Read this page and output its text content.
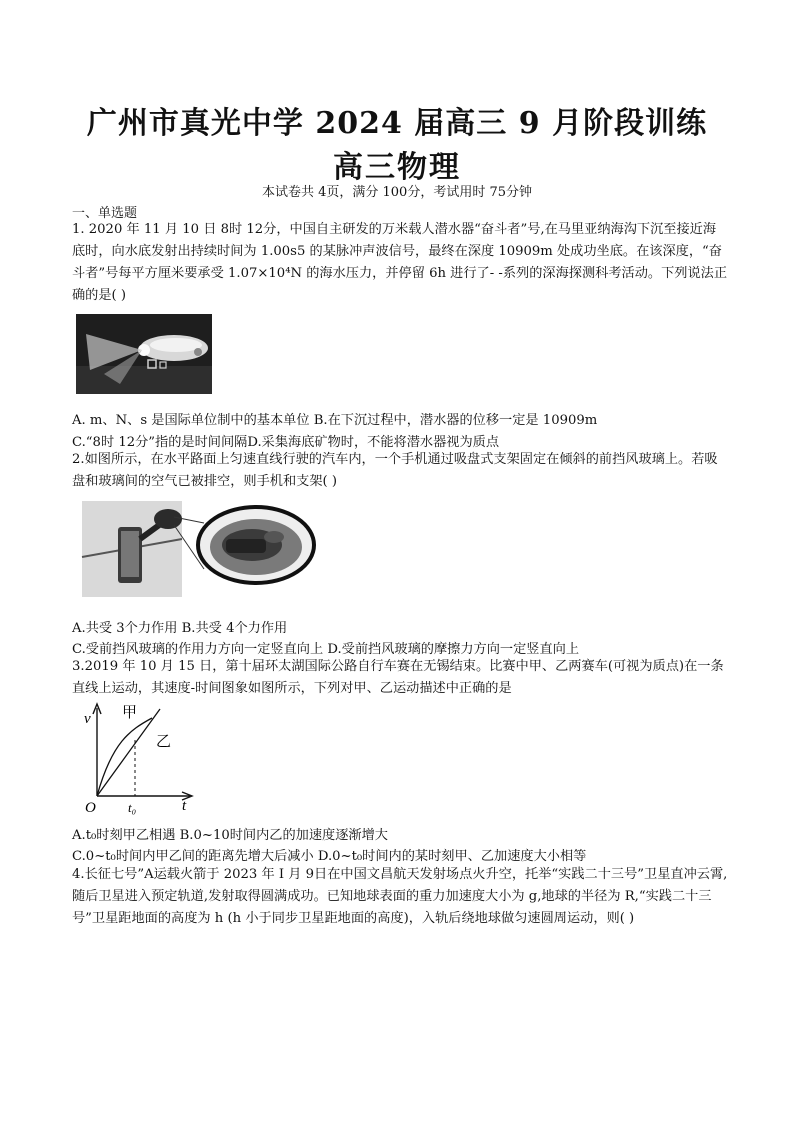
广州市真光中学 2024 届高三 9 月阶段训练
高三物理
本试卷共 4页，满分 100分，考试用时 75分钟
一、单选题
1. 2020 年 11 月 10 日 8时 12分，中国自主研发的万米载人潜水器“奋斗者”号,在马里亚纳海沟下沉至接近海底时，向水底发射出持续时间为 1.00s5 的某脉冲声波信号，最终在深度 10909m 处成功坐底。在该深度，“奋斗者”号每平方厘米要承受 1.07×10⁴N 的海水压力，并停留 6h 进行了- -系列的深海探测科考活动。下列说法正确的是( )
A. m、N、s 是国际单位制中的基本单位 B.在下沉过程中，潜水器的位移一定是 10909m
C.“8时 12分”指的是时间间隔D.采集海底矿物时，不能将潜水器视为质点
2.如图所示，在水平路面上匀速直线行驶的汽车内，一个手机通过吸盘式支架固定在倾斜的前挡风玻璃上。若吸盘和玻璃间的空气已被排空，则手机和支架( )
A.共受 3个力作用 B.共受 4个力作用
C.受前挡风玻璃的作用力方向一定竖直向上 D.受前挡风玻璃的摩擦力方向一定竖直向上
3.2019 年 10 月 15 日，第十届环太湖国际公路自行车赛在无锡结束。比赛中甲、乙两赛车(可视为质点)在一条直线上运动，其速度-时间图象如图所示，下列对甲、乙运动描述中正确的是
v 甲
乙
O t₀	t
A.t₀时刻甲乙相遇 B.0~10时间内乙的加速度逐渐增大
C.0~t₀时间内甲乙间的距离先增大后减小 D.0~t₀时间内的某时刻甲、乙加速度大小相等
4.长征七号”A运载火箭于 2023 年 I 月 9日在中国文昌航天发射场点火升空，托举“实践二十三号”卫星直冲云霄,随后卫星进入预定轨道,发射取得圆满成功。已知地球表面的重力加速度大小为 g,地球的半径为 R,“实践二十三号”卫星距地面的高度为 h (h 小于同步卫星距地面的高度)，入轨后绕地球做匀速圆周运动，则( )
